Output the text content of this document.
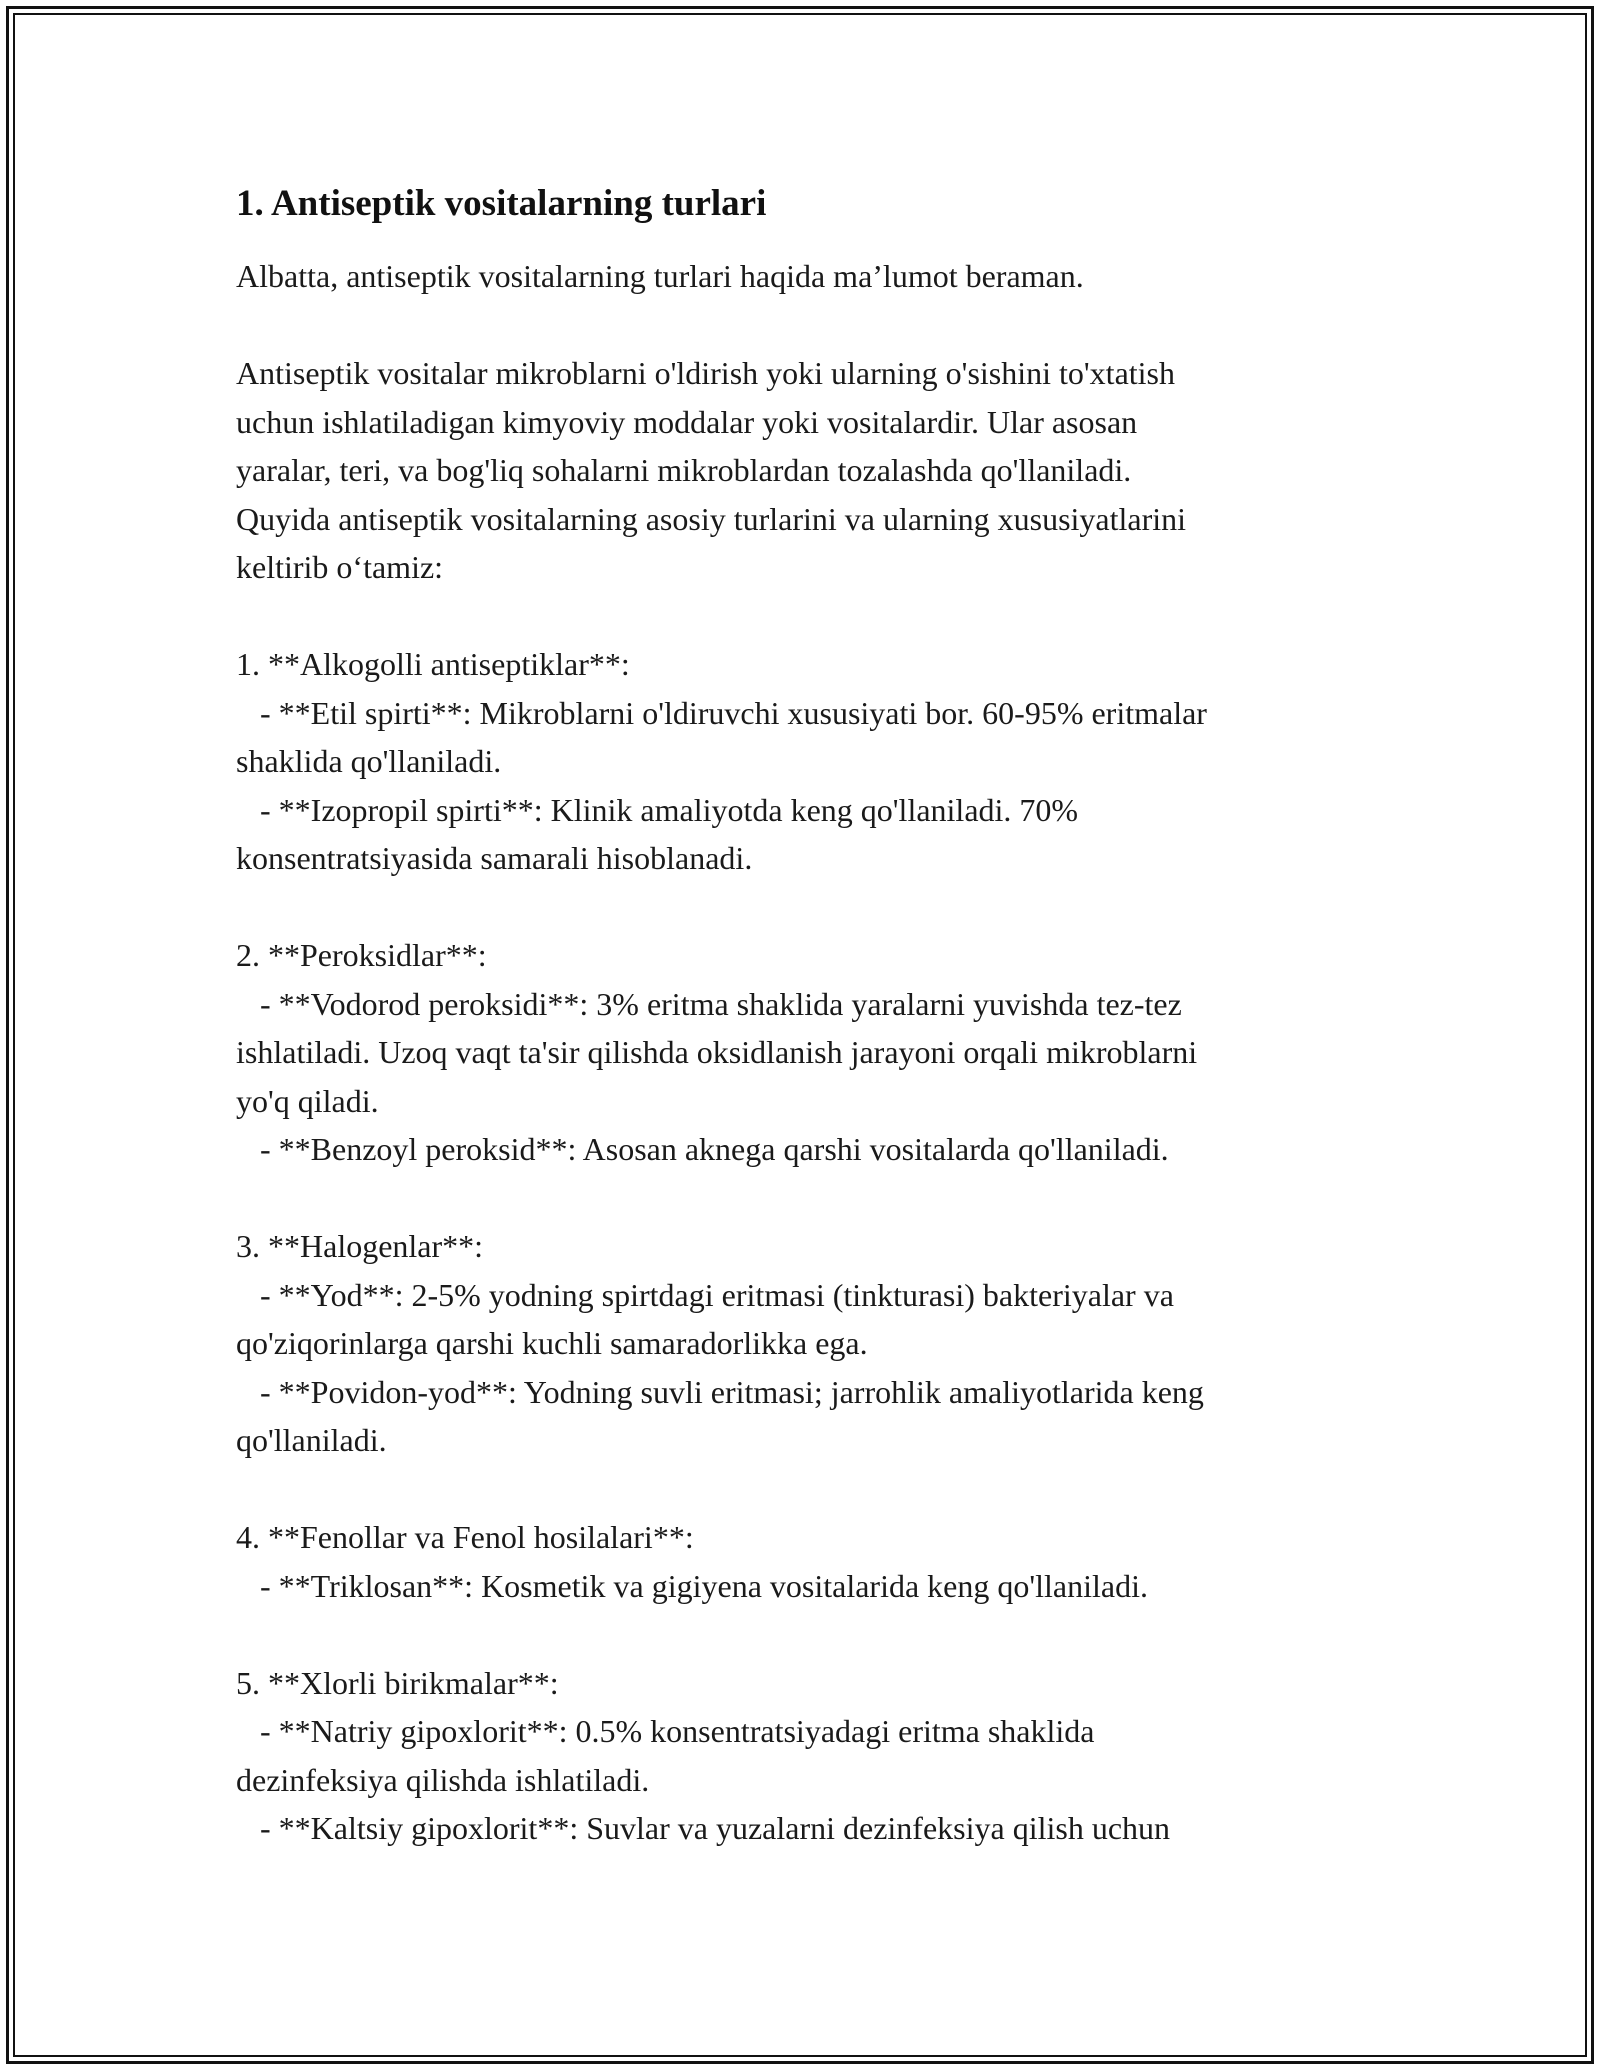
1. Antiseptik vositalarning turlari
Albatta, antiseptik vositalarning turlari haqida ma’lumot beraman.
Antiseptik vositalar mikroblarni o'ldirish yoki ularning o'sishini to'xtatish
uchun ishlatiladigan kimyoviy moddalar yoki vositalardir. Ular asosan
yaralar, teri, va bog'liq sohalarni mikroblardan tozalashda qo'llaniladi.
Quyida antiseptik vositalarning asosiy turlarini va ularning xususiyatlarini
keltirib o‘tamiz:
1. **Alkogolli antiseptiklar**:
- **Etil spirti**: Mikroblarni o'ldiruvchi xususiyati bor. 60-95% eritmalar
shaklida qo'llaniladi.
- **Izopropil spirti**: Klinik amaliyotda keng qo'llaniladi. 70%
konsentratsiyasida samarali hisoblanadi.
2. **Peroksidlar**:
- **Vodorod peroksidi**: 3% eritma shaklida yaralarni yuvishda tez-tez
ishlatiladi. Uzoq vaqt ta'sir qilishda oksidlanish jarayoni orqali mikroblarni
yo'q qiladi.
- **Benzoyl peroksid**: Asosan aknega qarshi vositalarda qo'llaniladi.
3. **Halogenlar**:
- **Yod**: 2-5% yodning spirtdagi eritmasi (tinkturasi) bakteriyalar va
qo'ziqorinlarga qarshi kuchli samaradorlikka ega.
- **Povidon-yod**: Yodning suvli eritmasi; jarrohlik amaliyotlarida keng
qo'llaniladi.
4. **Fenollar va Fenol hosilalari**:
- **Triklosan**: Kosmetik va gigiyena vositalarida keng qo'llaniladi.
5. **Xlorli birikmalar**:
- **Natriy gipoxlorit**: 0.5% konsentratsiyadagi eritma shaklida
dezinfeksiya qilishda ishlatiladi.
- **Kaltsiy gipoxlorit**: Suvlar va yuzalarni dezinfeksiya qilish uchun
